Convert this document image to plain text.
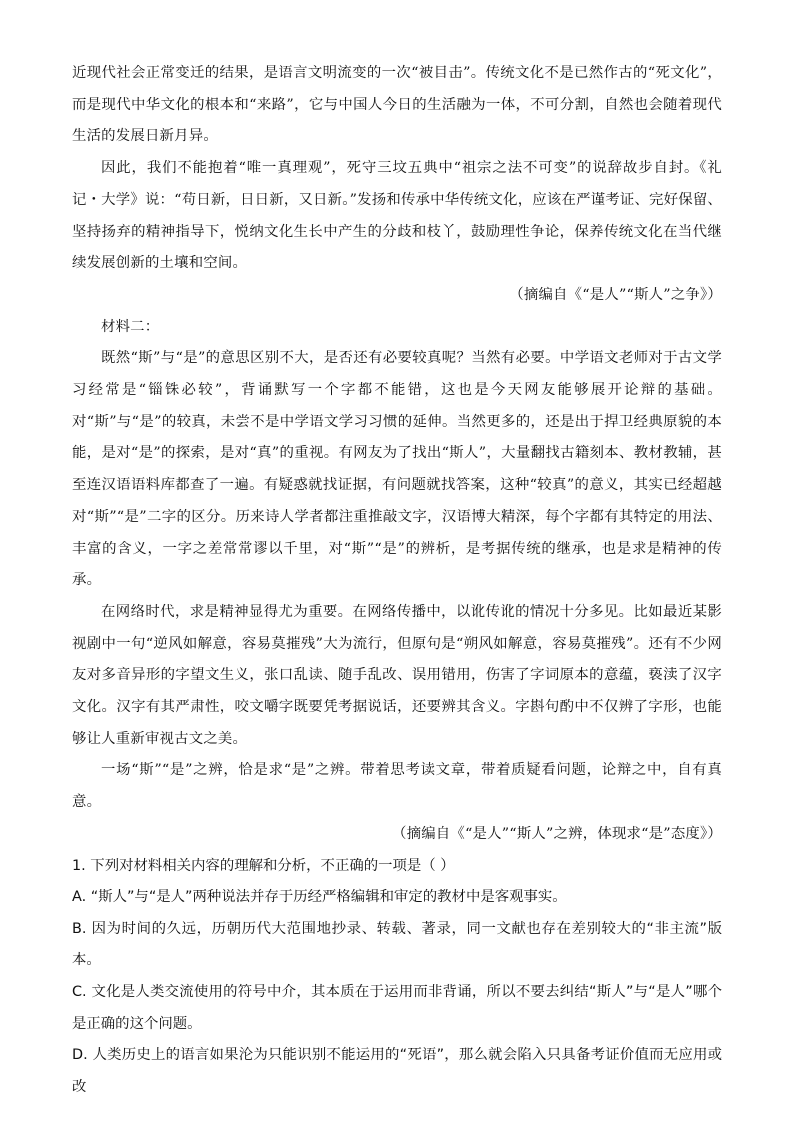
近现代社会正常变迁的结果，是语言文明流变的一次“被目击”。传统文化不是已然作古的“死文化”，而是现代中华文化的根本和“来路”，它与中国人今日的生活融为一体，不可分割，自然也会随着现代生活的发展日新月异。

因此，我们不能抱着“唯一真理观”，死守三坟五典中“祖宗之法不可变”的说辞故步自封。《礼记・大学》说：“苟日新，日日新，又日新。”发扬和传承中华传统文化，应该在严谨考证、完好保留、坚持扬弃的精神指导下，悦纳文化生长中产生的分歧和枝丫，鼓励理性争论，保养传统文化在当代继续发展创新的土壤和空间。

（摘编自《“是人”“斯人”之争》）

材料二：

既然“斯”与“是”的意思区别不大，是否还有必要较真呢？当然有必要。中学语文老师对于古文学习经常是“锱铢必较”，背诵默写一个字都不能错，这也是今天网友能够展开论辩的基础。对“斯”与“是”的较真，未尝不是中学语文学习习惯的延伸。当然更多的，还是出于捍卫经典原貌的本能，是对“是”的探索，是对“真”的重视。有网友为了找出“斯人”，大量翻找古籍刻本、教材教辅，甚至连汉语语料库都查了一遍。有疑惑就找证据，有问题就找答案，这种“较真”的意义，其实已经超越对“斯”“是”二字的区分。历来诗人学者都注重推敲文字，汉语博大精深，每个字都有其特定的用法、丰富的含义，一字之差常常谬以千里，对“斯”“是”的辨析，是考据传统的继承，也是求是精神的传承。

在网络时代，求是精神显得尤为重要。在网络传播中，以讹传讹的情况十分多见。比如最近某影视剧中一句“逆风如解意，容易莫摧残”大为流行，但原句是“朔风如解意，容易莫摧残”。还有不少网友对多音异形的字望文生义，张口乱读、随手乱改、误用错用，伤害了字词原本的意蕴，亵渎了汉字文化。汉字有其严肃性，咬文嚼字既要凭考据说话，还要辨其含义。字斟句酌中不仅辨了字形，也能够让人重新审视古文之美。

一场“斯”“是”之辨，恰是求“是”之辨。带着思考读文章，带着质疑看问题，论辩之中，自有真意。

（摘编自《“是人”“斯人”之辨，体现求“是”态度》）

1. 下列对材料相关内容的理解和分析，不正确的一项是（ ）

A. “斯人”与“是人”两种说法并存于历经严格编辑和审定的教材中是客观事实。

B. 因为时间的久远，历朝历代大范围地抄录、转载、著录，同一文献也存在差别较大的“非主流”版本。

C. 文化是人类交流使用的符号中介，其本质在于运用而非背诵，所以不要去纠结“斯人”与“是人”哪个是正确的这个问题。

D. 人类历史上的语言如果沦为只能识别不能运用的“死语”，那么就会陷入只具备考证价值而无应用或改
